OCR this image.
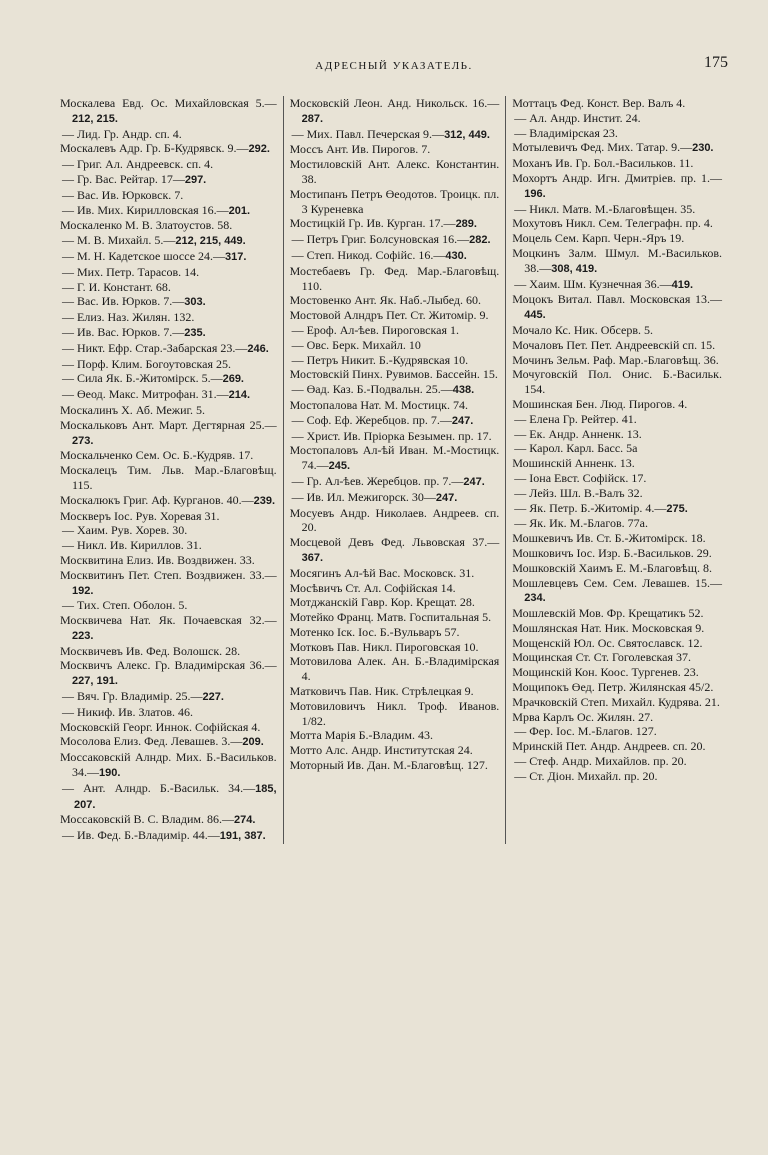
АДРЕСНЫЙ УКАЗАТЕЛЬ.	175
Москалева Евд. Ос. Михайловская 5.—212, 215.
— Лид. Гр. Андр. сп. 4.
Москалевъ Адр. Гр. Б-Кудрявск. 9.—292.
— Григ. Ал. Андреевск. сп. 4.
— Гр. Вас. Рейтар. 17—297.
— Вас. Ив. Юрковск. 7.
— Ив. Мих. Кирилловская 16.—201.
Москаленко М. В. Златоустов. 58.
— М. В. Михайл. 5.—212, 215, 449.
— М. Н. Кадетское шоссе 24.—317.
— Мих. Петр. Тарасов. 14.
— Г. И. Констант. 68.
— Вас. Ив. Юрков. 7.—303.
— Елиз. Наз. Жилян. 132.
— Ив. Вас. Юрков. 7.—235.
— Никт. Ефр. Стар.-Забарская 23.—246.
— Порф. Клим. Богоутовская 25.
— Сила Як. Б.-Житомірск. 5.—269.
— Өеод. Макс. Митрофан. 31.—214.
Москалинъ Х. Аб. Межиг. 5.
Москальковъ Ант. Март. Дегтярная 25.—273.
Москальченко Сем. Ос. Б.-Кудряв. 17.
Москалецъ Тим. Льв. Мар.-Благовѣщ. 115.
Москалюкъ Григ. Аф. Курганов. 40.—239.
Москверъ Іос. Рув. Хоревая 31.
— Хаим. Рув. Хорев. 30.
— Никл. Ив. Кириллов. 31.
Москвитина Елиз. Ив. Воздвижен. 33.
Москвитинъ Пет. Степ. Воздвижен. 33.—192.
— Тих. Степ. Оболон. 5.
Москвичева Нат. Як. Почаевская 32.—223.
Москвичевъ Ив. Фед. Волошск. 28.
Москвичъ Алекс. Гр. Владимірская 36.—227, 191.
— Вяч. Гр. Владимір. 25.—227.
— Никиф. Ив. Златов. 46.
Московскій Георг. Иннок. Софійская 4.
Мосолова Елиз. Фед. Левашев. 3.—209.
Моссаковскій Алндр. Мих. Б.-Васильков. 34.—190.
— Ант. Алндр. Б.-Васильк. 34.—185, 207.
Моссаковскій В. С. Владим. 86.—274.
— Ив. Фед. Б.-Владимір. 44.—191, 387.
Московскій Леон. Анд. Никольск. 16.—287.
— Мих. Павл. Печерская 9.—312, 449.
Моссъ Ант. Ив. Пирогов. 7.
Мостиловскій Ант. Алекс. Константин. 38.
Мостипанъ Петръ Өеодотов. Троицк. пл. 3 Куреневка
Мостицкій Гр. Ив. Курган. 17.—289.
— Петръ Григ. Болсуновская 16.—282.
— Степ. Никод. Софійс. 16.—430.
Мостебаевъ Гр. Фед. Мар.-Благовѣщ. 110.
Мостовенко Ант. Як. Наб.-Лыбед. 60.
Мостовой Алндръ Пет. Ст. Житомір. 9.
— Ероф. Ал-ѣев. Пироговская 1.
— Овс. Берк. Михайл. 10
— Петръ Никит. Б.-Кудрявская 10.
Мостовскій Пинх. Рувимов. Бассейн. 15.
— Өад. Каз. Б.-Подвальн. 25.—438.
Мостопалова Нат. М. Мостицк. 74.
— Соф. Еф. Жеребцов. пр. 7.—247.
— Христ. Ив. Пріорка Безымен. пр. 17.
Мостопаловъ Ал-ѣй Иван. М.-Мостицк. 74.—245.
— Гр. Ал-ѣев. Жеребцов. пр. 7.—247.
— Ив. Ил. Межигорск. 30—247.
Мосуевъ Андр. Николаев. Андреев. сп. 20.
Моcцевой Девъ Фед. Львовская 37.—367.
Мосягинъ Ал-ѣй Вас. Московск. 31.
Мосѣвичъ Ст. Ал. Софійская 14.
Мотджанскій Гавр. Кор. Крещат. 28.
Мотейко Франц. Матв. Госпитальная 5.
Мотенко Іск. Іос. Б.-Вульваръ 57.
Мотковъ Пав. Никл. Пироговская 10.
Мотовилова Алек. Ан. Б.-Владимірская 4.
Матковичъ Пав. Ник. Стрѣлецкая 9.
Мотовиловичъ Никл. Троф. Иванов. 1/82.
Мотта Марія Б.-Владим. 43.
Мотто Алс. Андр. Институтская 24.
Моторный Ив. Дан. М.-Благовѣщ. 127.
Моттацъ Фед. Конст. Вер. Валъ 4.
— Ал. Андр. Инстит. 24.
— Владимірская 23.
Мотылевичъ Фед. Мих. Татар. 9.—230.
Моханъ Ив. Гр. Бол.-Васильков. 11.
Мохортъ Андр. Игн. Дмитріев. пр. 1.—196.
— Никл. Матв. М.-Благовѣщен. 35.
Мохутовъ Никл. Сем. Телеграфн. пр. 4.
Моцель Сем. Карп. Черн.-Яръ 19.
Моцкинъ Залм. Шмул. М.-Васильков. 38.—308, 419.
— Хаим. Шм. Кузнечная 36.—419.
Моцокъ Витал. Павл. Московская 13.—445.
Мочало Кс. Ник. Обсерв. 5.
Мочаловъ Пет. Пет. Андреевскій сп. 15.
Мочинъ Зельм. Раф. Мар.-Благовѣщ. 36.
Мочуговскій Пол. Онис. Б.-Васильк. 154.
Мошинская Бен. Люд. Пирогов. 4.
— Елена Гр. Рейтер. 41.
— Ек. Андр. Анненк. 13.
— Карол. Карл. Басс. 5а
Мошинскій Анненк. 13.
— Іона Евст. Софійск. 17.
— Лейз. Шл. В.-Валъ 32.
— Як. Петр. Б.-Житомір. 4.—275.
— Як. Ик. М.-Благов. 77а.
Мошкевичъ Ив. Ст. Б.-Житомірск. 18.
Мошковичъ Іос. Изр. Б.-Васильков. 29.
Мошковскій Хаимъ Е. М.-Благовѣщ. 8.
Мошлевцевъ Сем. Сем. Левашев. 15.—234.
Мошлевскій Мов. Фр. Крещатикъ 52.
Мошлянская Нат. Ник. Московская 9.
Мощенскій Юл. Ос. Святославск. 12.
Мощинская Ст. Ст. Гоголевская 37.
Мощинскій Кон. Коос. Тургенев. 23.
Мощипокъ Өед. Петр. Жилянская 45/2.
Мрачковскій Степ. Михайл. Кудрява. 21.
Мрва Карлъ Ос. Жилян. 27.
— Фер. Іос. М.-Благов. 127.
Мринскій Пет. Андр. Андреев. сп. 20.
— Стеф. Андр. Михайлов. пр. 20.
— Ст. Діон. Михайл. пр. 20.
